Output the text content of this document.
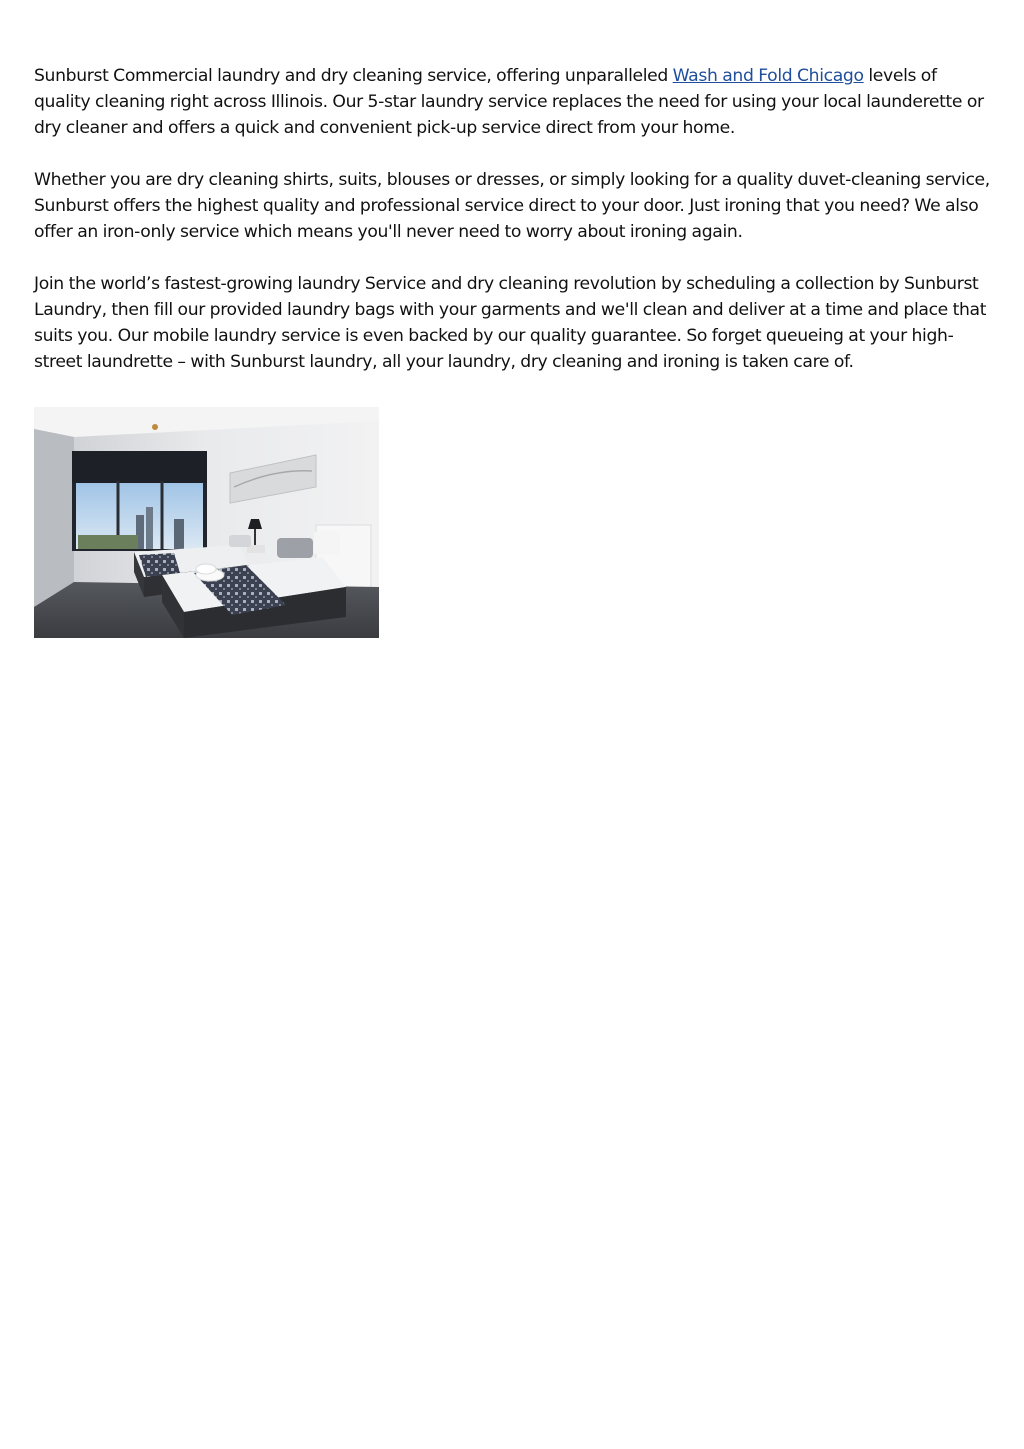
Sunburst Commercial laundry and dry cleaning service, offering unparalleled Wash and Fold Chicago levels of quality cleaning right across Illinois. Our 5-star laundry service replaces the need for using your local launderette or dry cleaner and offers a quick and convenient pick-up service direct from your home.

Whether you are dry cleaning shirts, suits, blouses or dresses, or simply looking for a quality duvet-cleaning service, Sunburst offers the highest quality and professional service direct to your door. Just ironing that you need? We also offer an iron-only service which means you'll never need to worry about ironing again.

Join the world’s fastest-growing laundry Service and dry cleaning revolution by scheduling a collection by Sunburst Laundry, then fill our provided laundry bags with your garments and we'll clean and deliver at a time and place that suits you. Our mobile laundry service is even backed by our quality guarantee. So forget queueing at your high-street laundrette – with Sunburst laundry, all your laundry, dry cleaning and ironing is taken care of.
